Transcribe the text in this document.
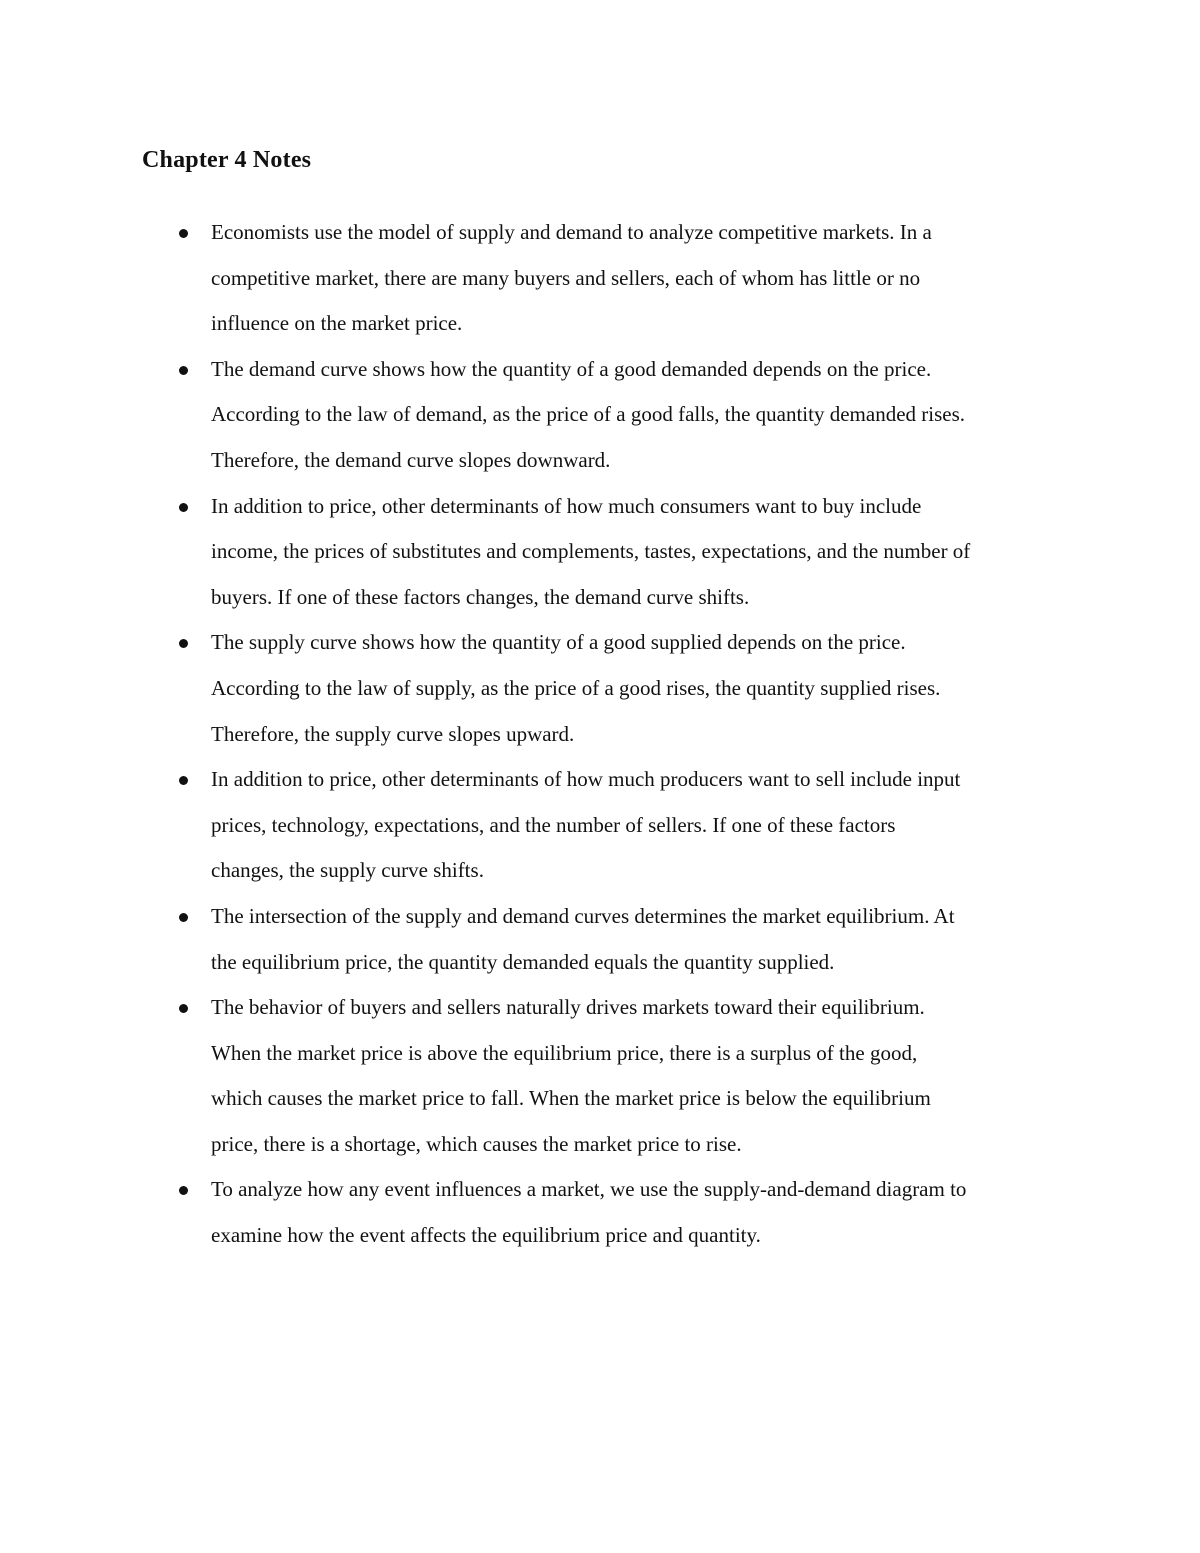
Chapter 4 Notes
Economists use the model of supply and demand to analyze competitive markets. In a competitive market, there are many buyers and sellers, each of whom has little or no influence on the market price.
The demand curve shows how the quantity of a good demanded depends on the price. According to the law of demand, as the price of a good falls, the quantity demanded rises. Therefore, the demand curve slopes downward.
In addition to price, other determinants of how much consumers want to buy include income, the prices of substitutes and complements, tastes, expectations, and the number of buyers. If one of these factors changes, the demand curve shifts.
The supply curve shows how the quantity of a good supplied depends on the price. According to the law of supply, as the price of a good rises, the quantity supplied rises. Therefore, the supply curve slopes upward.
In addition to price, other determinants of how much producers want to sell include input prices, technology, expectations, and the number of sellers. If one of these factors changes, the supply curve shifts.
The intersection of the supply and demand curves determines the market equilibrium. At the equilibrium price, the quantity demanded equals the quantity supplied.
The behavior of buyers and sellers naturally drives markets toward their equilibrium. When the market price is above the equilibrium price, there is a surplus of the good, which causes the market price to fall. When the market price is below the equilibrium price, there is a shortage, which causes the market price to rise.
To analyze how any event influences a market, we use the supply-and-demand diagram to examine how the event affects the equilibrium price and quantity.
